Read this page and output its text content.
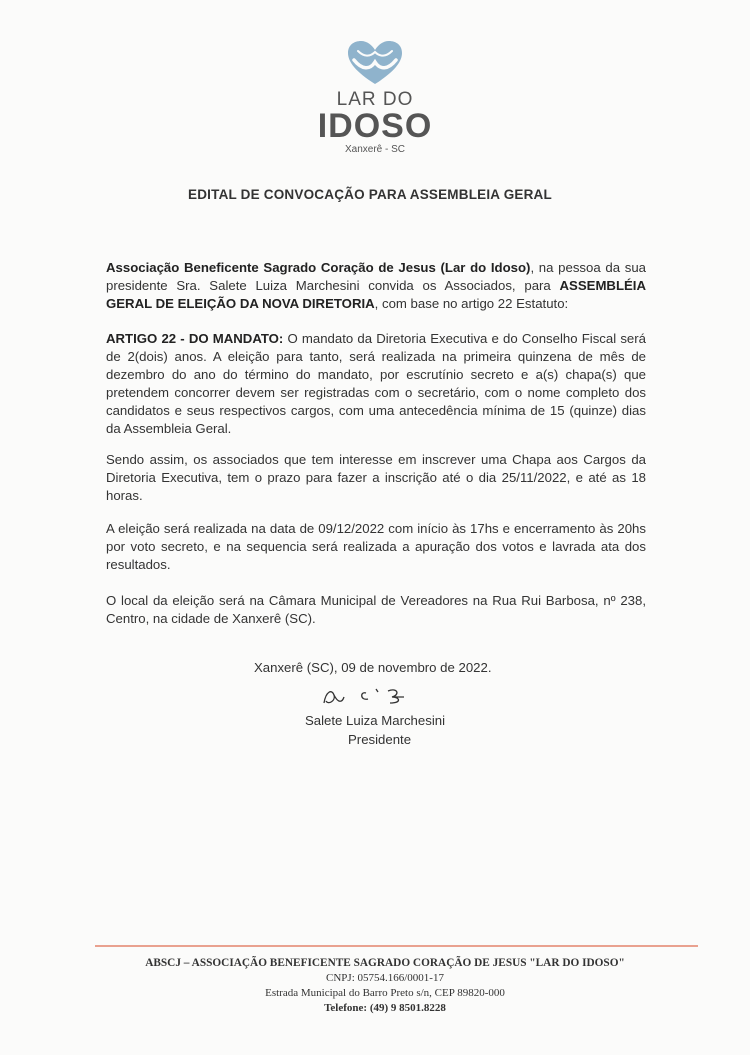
LAR DO
IDOSO
Xanxerê - SC
EDITAL DE CONVOCAÇÃO PARA ASSEMBLEIA GERAL
Associação Beneficente Sagrado Coração de Jesus (Lar do Idoso), na pessoa da sua presidente Sra. Salete Luiza Marchesini convida os Associados, para ASSEMBLÉIA GERAL DE ELEIÇÃO DA NOVA DIRETORIA, com base no artigo 22 Estatuto:
ARTIGO 22 - DO MANDATO: O mandato da Diretoria Executiva e do Conselho Fiscal será de 2(dois) anos. A eleição para tanto, será realizada na primeira quinzena de mês de dezembro do ano do término do mandato, por escrutínio secreto e a(s) chapa(s) que pretendem concorrer devem ser registradas com o secretário, com o nome completo dos candidatos e seus respectivos cargos, com uma antecedência mínima de 15 (quinze) dias da Assembleia Geral.
Sendo assim, os associados que tem interesse em inscrever uma Chapa aos Cargos da Diretoria Executiva, tem o prazo para fazer a inscrição até o dia 25/11/2022, e até as 18 horas.
A eleição será realizada na data de 09/12/2022 com início às 17hs e encerramento às 20hs por voto secreto, e na sequencia será realizada a apuração dos votos e lavrada ata dos resultados.
O local da eleição será na Câmara Municipal de Vereadores na Rua Rui Barbosa, nº 238, Centro, na cidade de Xanxerê (SC).
Xanxerê (SC), 09 de novembro de 2022.
Salete Luiza Marchesini
Presidente
ABSCJ – ASSOCIAÇÃO BENEFICENTE SAGRADO CORAÇÃO DE JESUS "LAR DO IDOSO"
CNPJ: 05754.166/0001-17
Estrada Municipal do Barro Preto s/n, CEP 89820-000
Telefone: (49) 9 8501.8228
